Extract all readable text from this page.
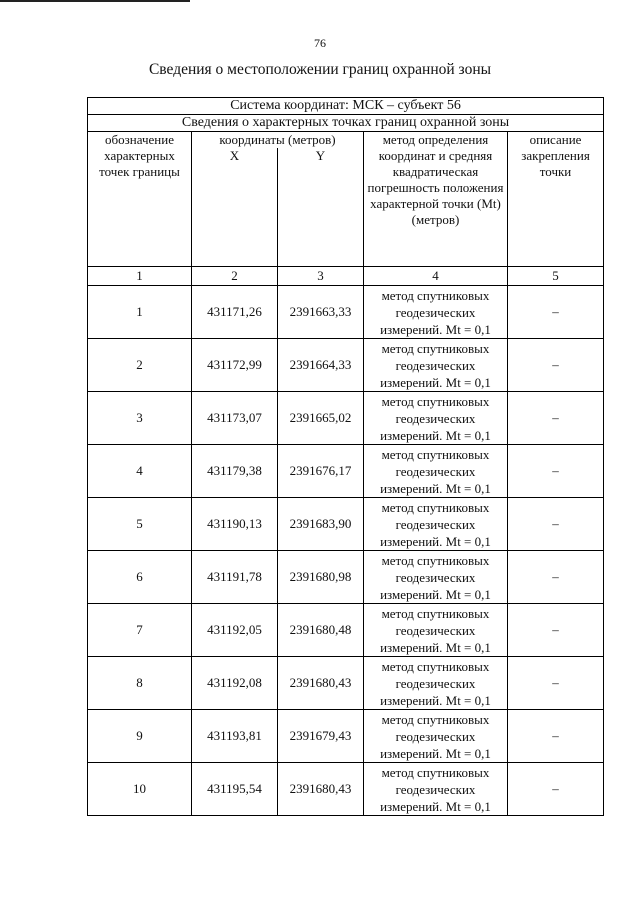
76
Сведения о местоположении границ охранной зоны
Система координат: МСК – субъект 56				
Сведения о характерных точках границ охранной зоны				
обозначение характерных точек границы	координаты (метров)		метод определения координат и средняя квадратическая погрешность положения характерной точки (Mt) (метров)	описание закрепления точки
	X	Y		
1	2	3	4	5
1	431171,26	2391663,33	метод спутниковых геодезических измерений. Mt = 0,1	–
2	431172,99	2391664,33	метод спутниковых геодезических измерений. Mt = 0,1	–
3	431173,07	2391665,02	метод спутниковых геодезических измерений. Mt = 0,1	–
4	431179,38	2391676,17	метод спутниковых геодезических измерений. Mt = 0,1	–
5	431190,13	2391683,90	метод спутниковых геодезических измерений. Mt = 0,1	–
6	431191,78	2391680,98	метод спутниковых геодезических измерений. Mt = 0,1	–
7	431192,05	2391680,48	метод спутниковых геодезических измерений. Mt = 0,1	–
8	431192,08	2391680,43	метод спутниковых геодезических измерений. Mt = 0,1	–
9	431193,81	2391679,43	метод спутниковых геодезических измерений. Mt = 0,1	–
10	431195,54	2391680,43	метод спутниковых геодезических измерений. Mt = 0,1	–
